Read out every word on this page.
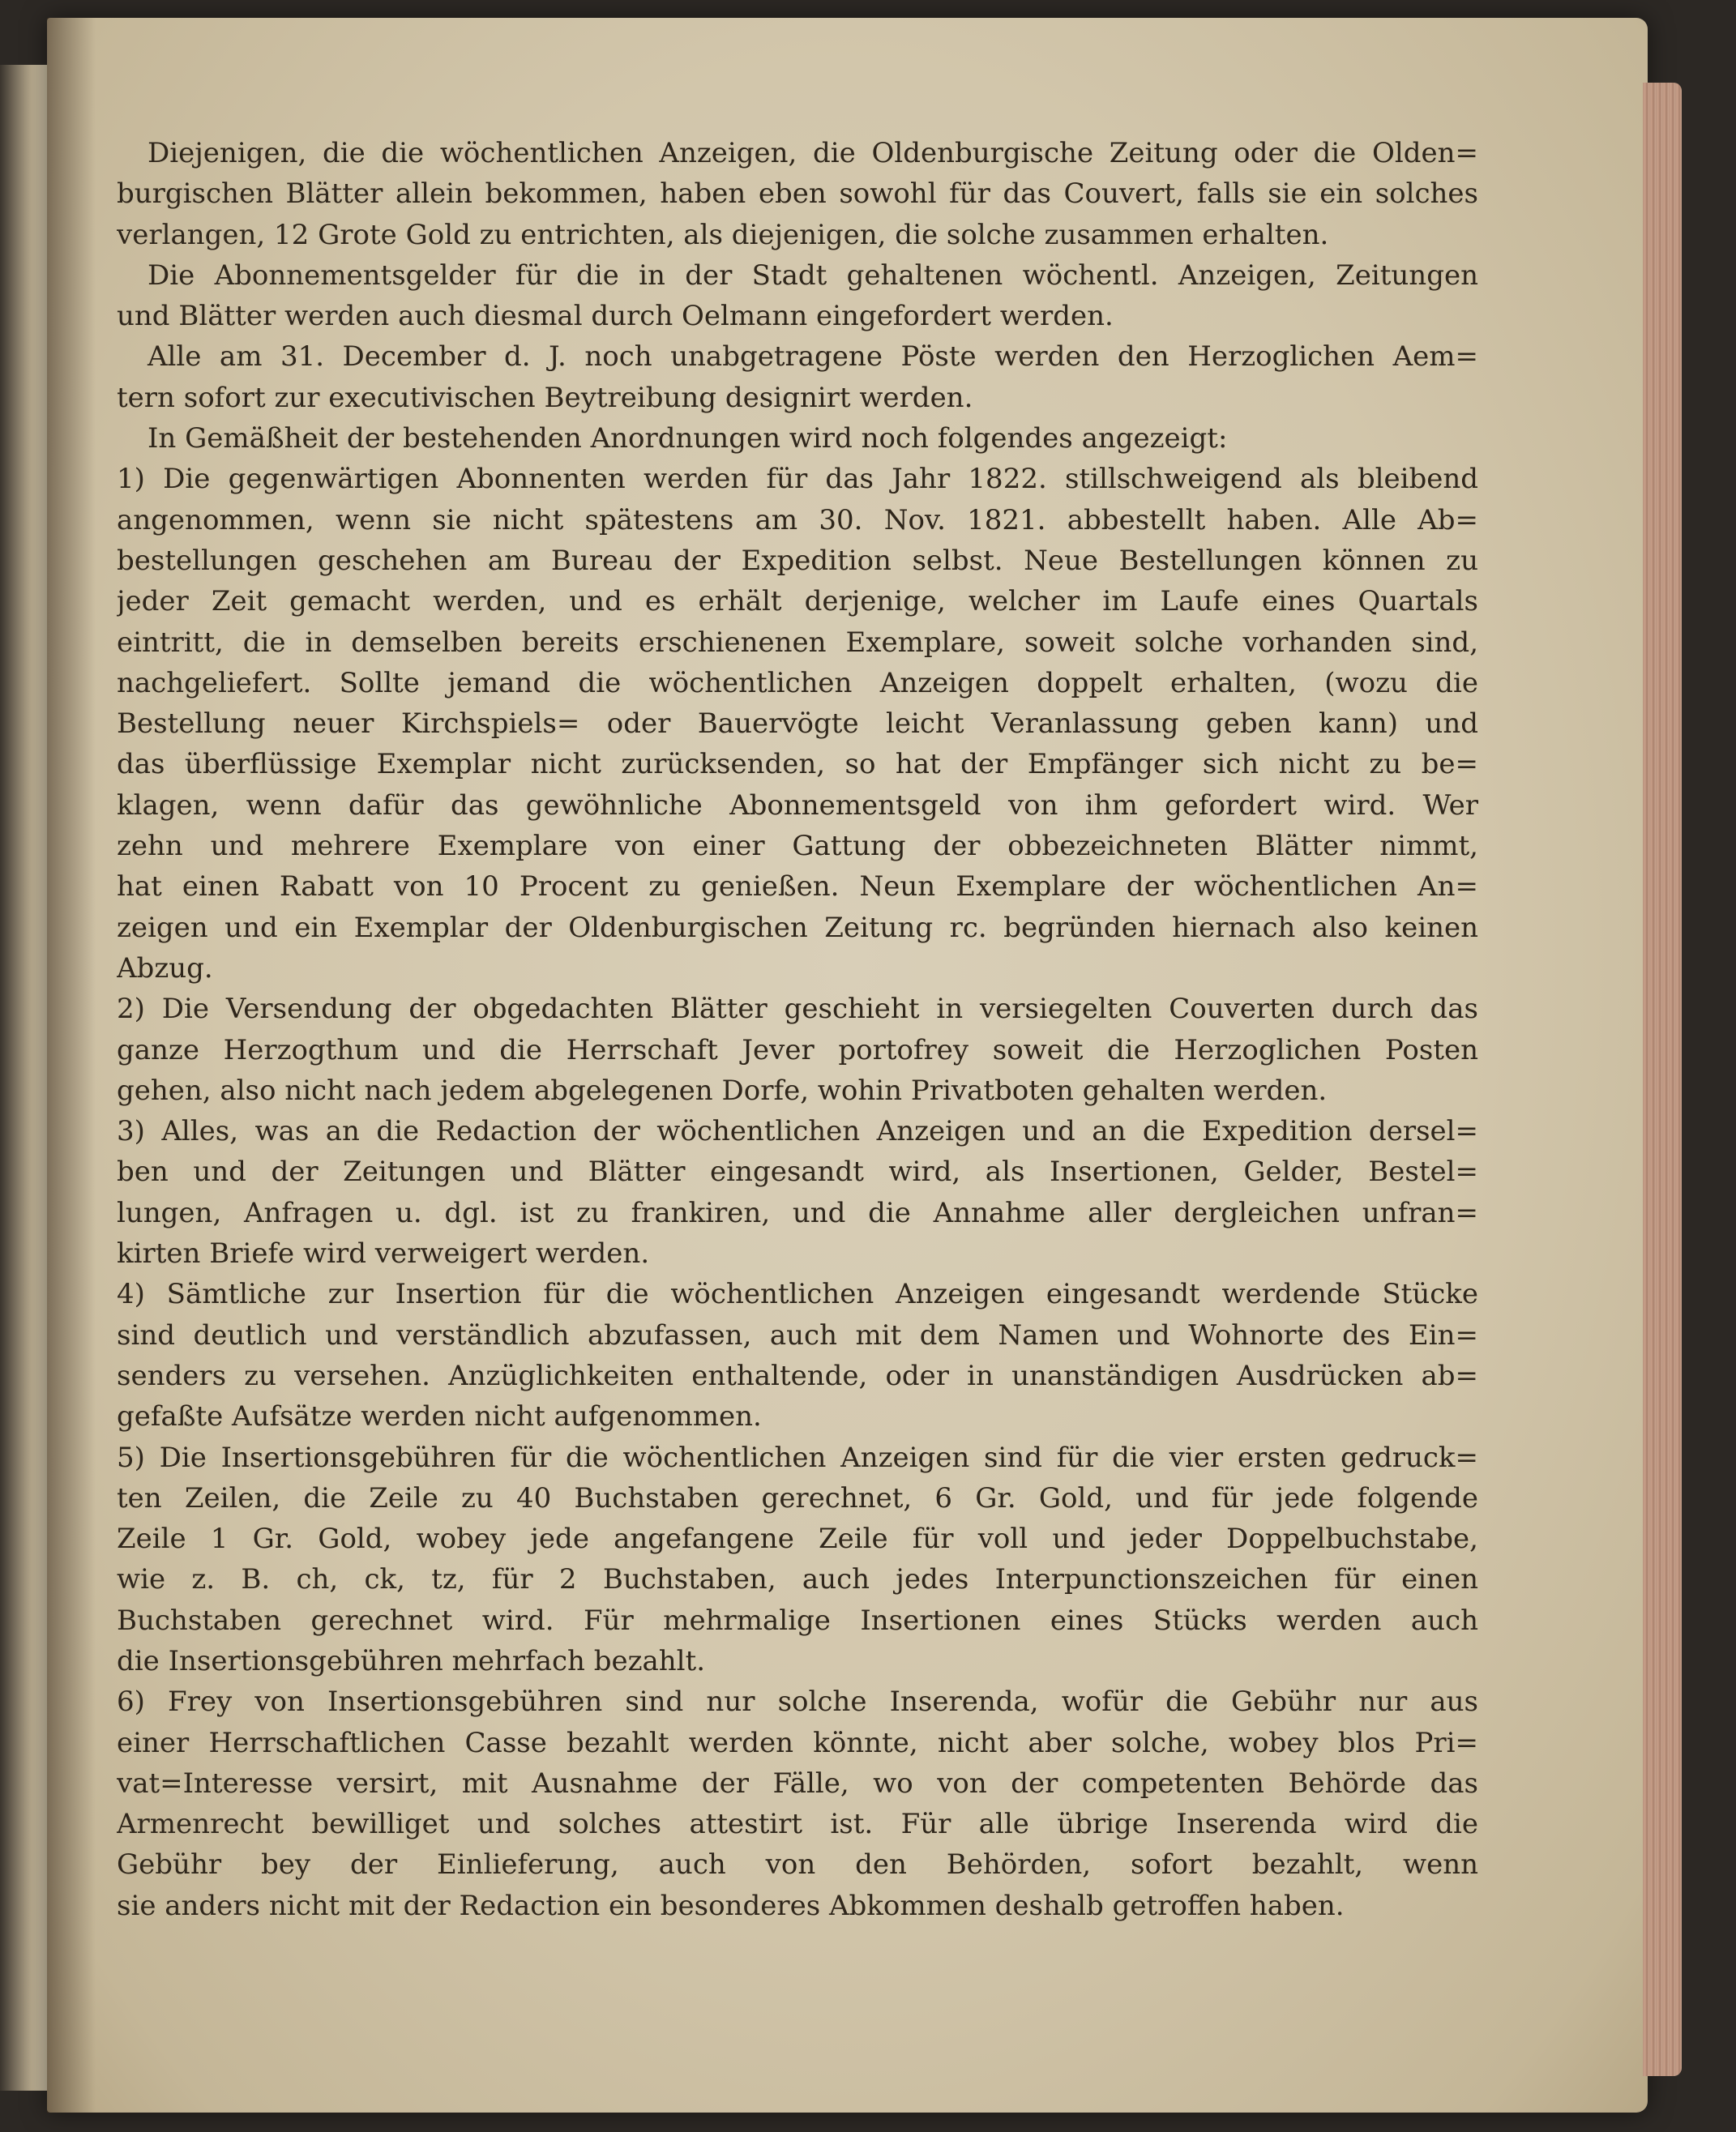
Diejenigen, die die wöchentlichen Anzeigen, die Oldenburgische Zeitung oder die Olden=
burgischen Blätter allein bekommen, haben eben sowohl für das Couvert, falls sie ein solches
verlangen, 12 Grote Gold zu entrichten, als diejenigen, die solche zusammen erhalten.
Die Abonnementsgelder für die in der Stadt gehaltenen wöchentl. Anzeigen, Zeitungen
und Blätter werden auch diesmal durch Oelmann eingefordert werden.
Alle am 31. December d. J. noch unabgetragene Pöste werden den Herzoglichen Aem=
tern sofort zur executivischen Beytreibung designirt werden.
In Gemäßheit der bestehenden Anordnungen wird noch folgendes angezeigt:
1) Die gegenwärtigen Abonnenten werden für das Jahr 1822. stillschweigend als bleibend
angenommen, wenn sie nicht spätestens am 30. Nov. 1821. abbestellt haben. Alle Ab=
bestellungen geschehen am Bureau der Expedition selbst. Neue Bestellungen können zu
jeder Zeit gemacht werden, und es erhält derjenige, welcher im Laufe eines Quartals
eintritt, die in demselben bereits erschienenen Exemplare, soweit solche vorhanden sind,
nachgeliefert. Sollte jemand die wöchentlichen Anzeigen doppelt erhalten, (wozu die
Bestellung neuer Kirchspiels= oder Bauervögte leicht Veranlassung geben kann) und
das überflüssige Exemplar nicht zurücksenden, so hat der Empfänger sich nicht zu be=
klagen, wenn dafür das gewöhnliche Abonnementsgeld von ihm gefordert wird. Wer
zehn und mehrere Exemplare von einer Gattung der obbezeichneten Blätter nimmt,
hat einen Rabatt von 10 Procent zu genießen. Neun Exemplare der wöchentlichen An=
zeigen und ein Exemplar der Oldenburgischen Zeitung rc. begründen hiernach also keinen
Abzug.
2) Die Versendung der obgedachten Blätter geschieht in versiegelten Couverten durch das
ganze Herzogthum und die Herrschaft Jever portofrey soweit die Herzoglichen Posten
gehen, also nicht nach jedem abgelegenen Dorfe, wohin Privatboten gehalten werden.
3) Alles, was an die Redaction der wöchentlichen Anzeigen und an die Expedition dersel=
ben und der Zeitungen und Blätter eingesandt wird, als Insertionen, Gelder, Bestel=
lungen, Anfragen u. dgl. ist zu frankiren, und die Annahme aller dergleichen unfran=
kirten Briefe wird verweigert werden.
4) Sämtliche zur Insertion für die wöchentlichen Anzeigen eingesandt werdende Stücke
sind deutlich und verständlich abzufassen, auch mit dem Namen und Wohnorte des Ein=
senders zu versehen. Anzüglichkeiten enthaltende, oder in unanständigen Ausdrücken ab=
gefaßte Aufsätze werden nicht aufgenommen.
5) Die Insertionsgebühren für die wöchentlichen Anzeigen sind für die vier ersten gedruck=
ten Zeilen, die Zeile zu 40 Buchstaben gerechnet, 6 Gr. Gold, und für jede folgende
Zeile 1 Gr. Gold, wobey jede angefangene Zeile für voll und jeder Doppelbuchstabe,
wie z. B. ch, ck, tz, für 2 Buchstaben, auch jedes Interpunctionszeichen für einen
Buchstaben gerechnet wird. Für mehrmalige Insertionen eines Stücks werden auch
die Insertionsgebühren mehrfach bezahlt.
6) Frey von Insertionsgebühren sind nur solche Inserenda, wofür die Gebühr nur aus
einer Herrschaftlichen Casse bezahlt werden könnte, nicht aber solche, wobey blos Pri=
vat=Interesse versirt, mit Ausnahme der Fälle, wo von der competenten Behörde das
Armenrecht bewilliget und solches attestirt ist. Für alle übrige Inserenda wird die
Gebühr bey der Einlieferung, auch von den Behörden, sofort bezahlt, wenn
sie anders nicht mit der Redaction ein besonderes Abkommen deshalb getroffen haben.
